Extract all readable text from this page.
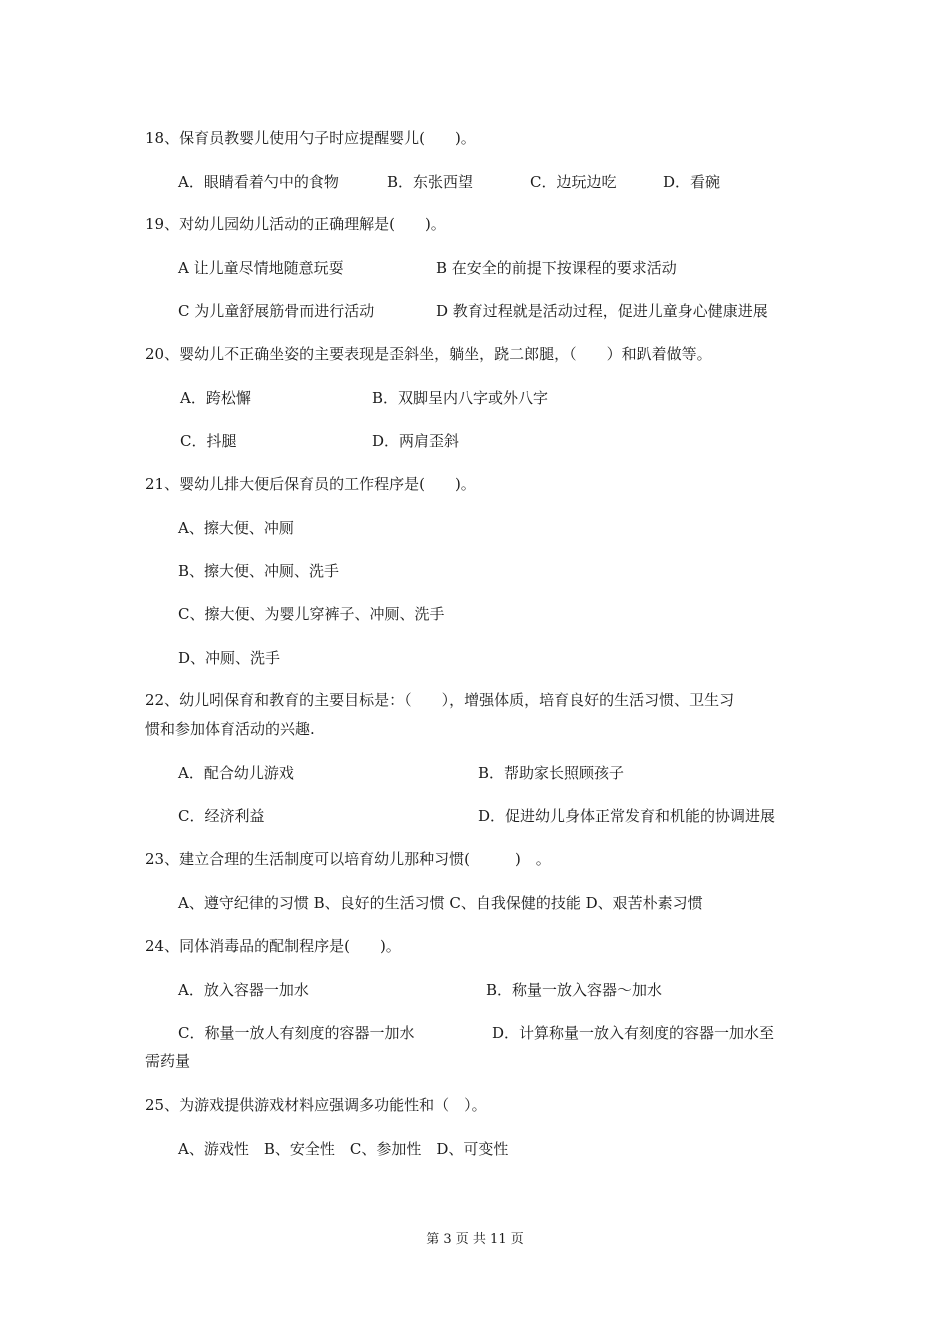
18、保育员教婴儿使用勺子时应提醒婴儿(　　)。
A．眼睛看着勺中的食物	B．东张西望	C．边玩边吃	D．看碗
19、对幼儿园幼儿活动的正确理解是(　　)。
A 让儿童尽情地随意玩耍	B 在安全的前提下按课程的要求活动
C 为儿童舒展筋骨而进行活动	D 教育过程就是活动过程，促进儿童身心健康进展
20、婴幼儿不正确坐姿的主要表现是歪斜坐，躺坐，跷二郎腿，（　　）和趴着做等。
A．跨松懈	B．双脚呈内八字或外八字
C．抖腿	D．两肩歪斜
21、婴幼儿排大便后保育员的工作程序是(　　)。
A、擦大便、冲厕
B、擦大便、冲厕、洗手
C、擦大便、为婴儿穿裤子、冲厕、洗手
D、冲厕、洗手
22、幼儿吲保育和教育的主要目标是：（　　），增强体质，培育良好的生活习惯、卫生习
惯和参加体育活动的兴趣.
A．配合幼儿游戏	B．帮助家长照顾孩子
C．经济利益	D．促进幼儿身体正常发育和机能的协调进展
23、建立合理的生活制度可以培育幼儿那种习惯(　　　)　。
A、遵守纪律的习惯 B、良好的生活习惯 C、自我保健的技能 D、艰苦朴素习惯
24、同体消毒品的配制程序是(　　)。
A．放入容器一加水	B．称量一放入容器～加水
C．称量一放人有刻度的容器一加水	D．计算称量一放入有刻度的容器一加水至
需药量
25、为游戏提供游戏材料应强调多功能性和（　）。
A、游戏性　B、安全性　C、参加性　D、可变性
第 3 页 共 11 页
